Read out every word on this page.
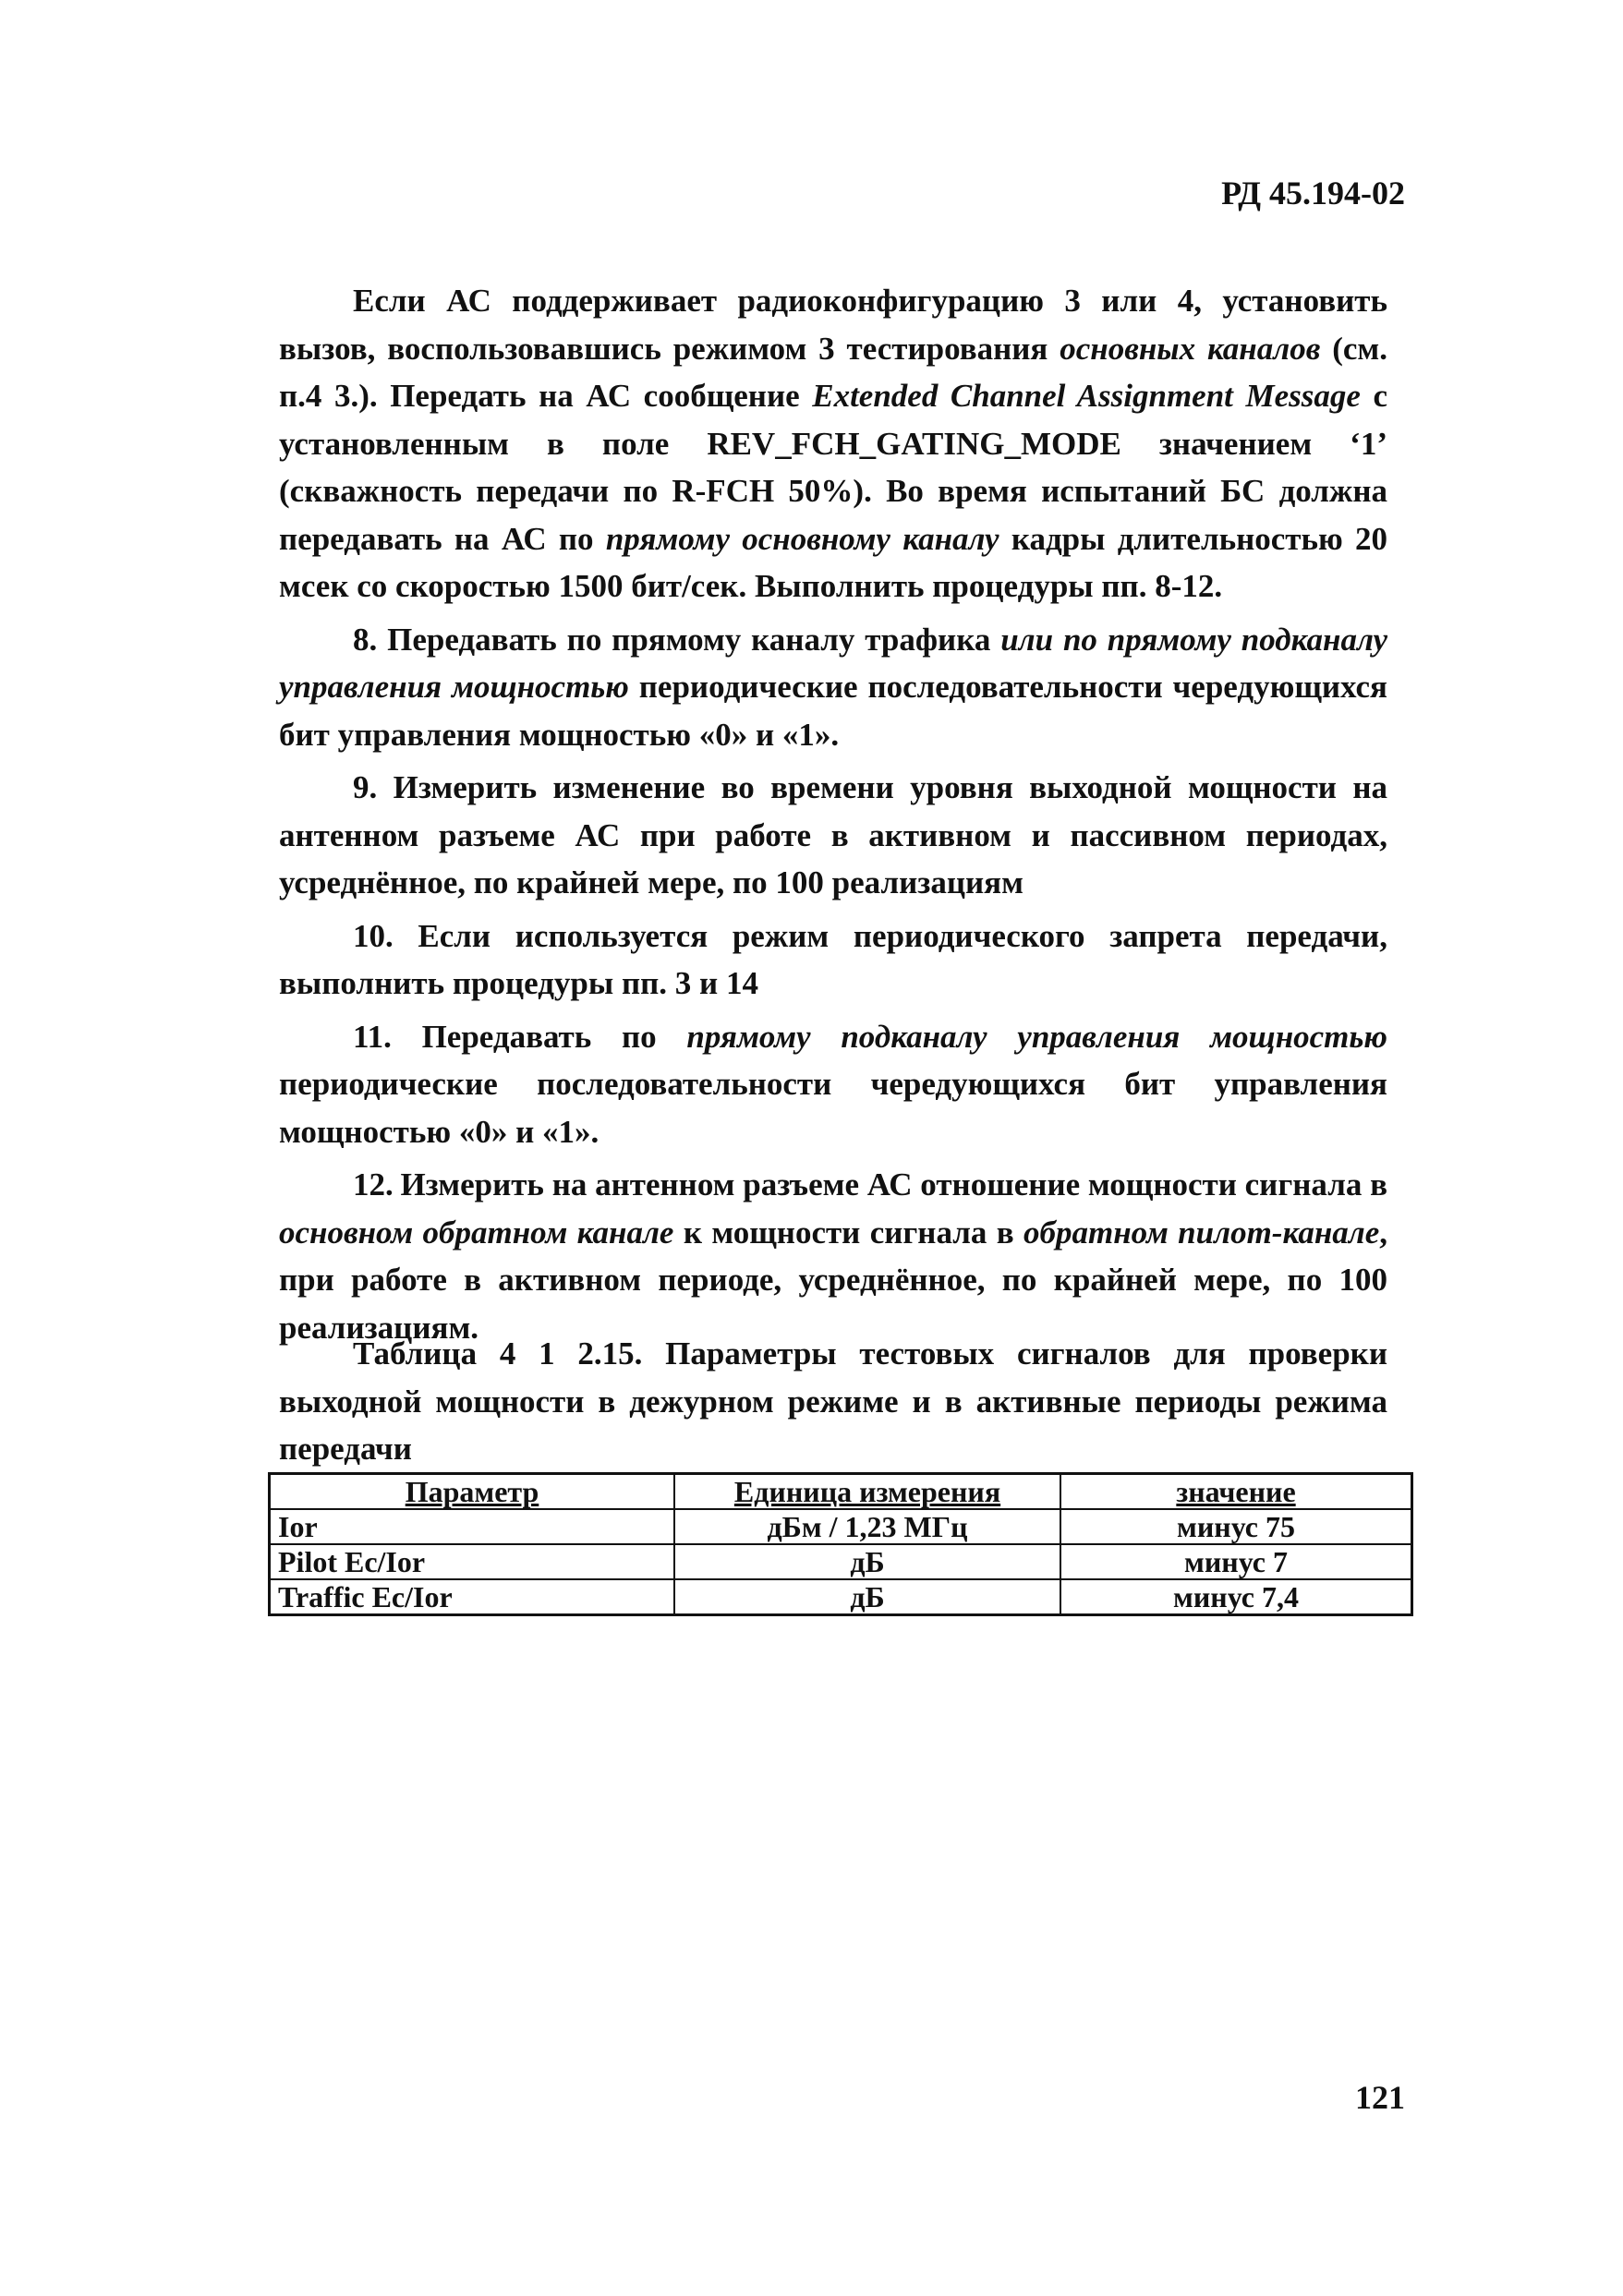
РД 45.194-02

Если АС поддерживает радиоконфигурацию 3 или 4, установить вызов, воспользовавшись режимом 3 тестирования основных каналов (см. п.4 3.). Передать на АС сообщение Extended Channel Assignment Message с установленным в поле REV_FCH_GATING_MODE значением ‘1’ (скважность передачи по R-FCH 50%). Во время испытаний БС должна передавать на АС по прямому основному каналу кадры длительностью 20 мсек со скоростью 1500 бит/сек. Выполнить процедуры пп. 8-12.

8. Передавать по прямому каналу трафика или по прямому подканалу управления мощностью периодические последовательности чередующихся бит управления мощностью «0» и «1».

9. Измерить изменение во времени уровня выходной мощности на антенном разъеме АС при работе в активном и пассивном периодах, усреднённое, по крайней мере, по 100 реализациям

10. Если используется режим периодического запрета передачи,

выполнить процедуры пп. 3 и 14

11. Передавать по прямому подканалу управления мощностью

периодические последовательности чередующихся бит управления мощностью «0» и «1».

12. Измерить на антенном разъеме АС отношение мощности сигнала в

основном обратном канале к мощности сигнала в обратном пилот-канале, при работе в активном периоде, усреднённое, по крайней мере, по 100 реализациям.

Таблица 4 1 2.15. Параметры тестовых сигналов для проверки выходной мощности в дежурном режиме и в активные периоды режима передачи

Параметр	Единица измерения	значение
Ior	дБм / 1,23 МГц	минус 75
Pilot Ec/Ior	дБ	минус 7
Traffic Ec/Ior	дБ	минус 7,4
121
